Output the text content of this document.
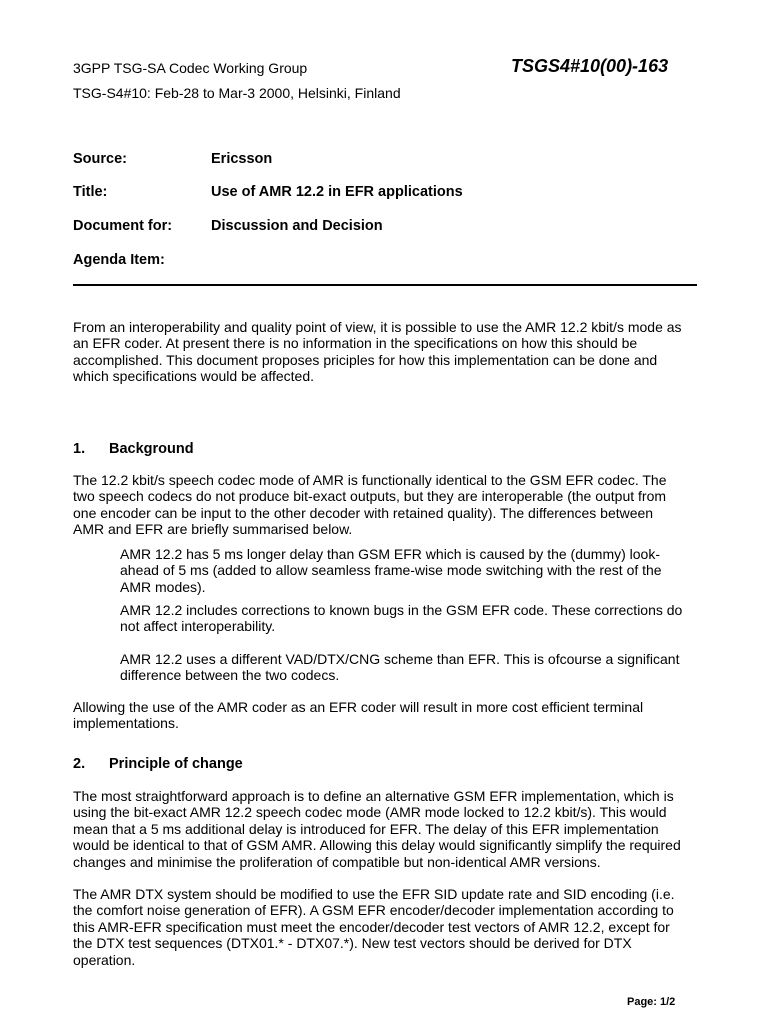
3GPP TSG-SA Codec Working Group
TSG-S4#10: Feb-28 to Mar-3 2000, Helsinki, Finland
TSGS4#10(00)-163
Source:	Ericsson
Title:	Use of AMR 12.2 in EFR applications
Document for:	Discussion and Decision
Agenda Item:
From an interoperability and quality point of view, it is possible to use the AMR 12.2 kbit/s mode as
an EFR coder. At present there is no information in the specifications on how this should be
accomplished. This document proposes priciples for how this implementation can be done and
which specifications would be affected.
1. Background
The 12.2 kbit/s speech codec mode of AMR is functionally identical to the GSM EFR codec. The
two speech codecs do not produce bit-exact outputs, but they are interoperable (the output from
one encoder can be input to the other decoder with retained quality). The differences between
AMR and EFR are briefly summarised below.
AMR 12.2 has 5 ms longer delay than GSM EFR which is caused by the (dummy) look-
ahead of 5 ms (added to allow seamless frame-wise mode switching with the rest of the
AMR modes).
AMR 12.2 includes corrections to known bugs in the GSM EFR code. These corrections do
not affect interoperability.
AMR 12.2 uses a different VAD/DTX/CNG scheme than EFR. This is ofcourse a significant
difference between the two codecs.
Allowing the use of the AMR coder as an EFR coder will result in more cost efficient terminal
implementations.
2. Principle of change
The most straightforward approach is to define an alternative GSM EFR implementation, which is
using the bit-exact AMR 12.2 speech codec mode (AMR mode locked to 12.2 kbit/s). This would
mean that a 5 ms additional delay is introduced for EFR. The delay of this EFR implementation
would be identical to that of GSM AMR. Allowing this delay would significantly simplify the required
changes and minimise the proliferation of compatible but non-identical AMR versions.
The AMR DTX system should be modified to use the EFR SID update rate and SID encoding (i.e.
the comfort noise generation of EFR). A GSM EFR encoder/decoder implementation according to
this AMR-EFR specification must meet the encoder/decoder test vectors of AMR 12.2, except for
the DTX test sequences (DTX01.* - DTX07.*). New test vectors should be derived for DTX
operation.
Page: 1/2
